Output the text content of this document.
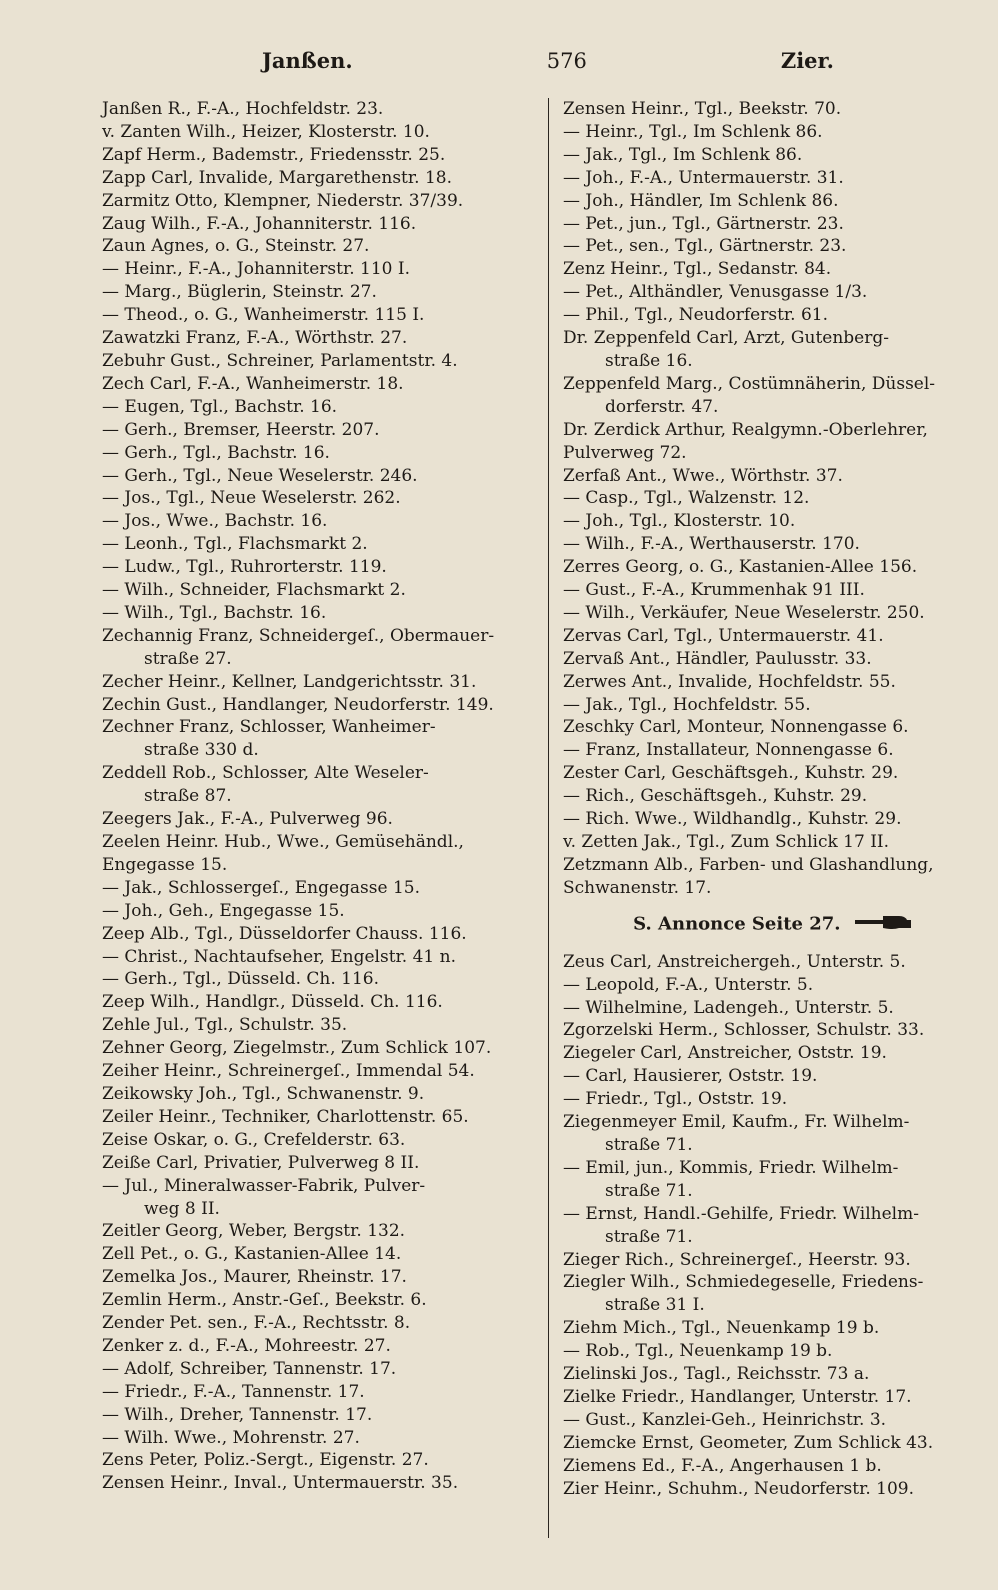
Janßen.	576	Zier.
Janßen R., F.-A., Hochfeldstr. 23.
v. Zanten Wilh., Heizer, Klosterstr. 10.
Zapf Herm., Bademstr., Friedensstr. 25.
Zapp Carl, Invalide, Margarethenstr. 18.
Zarmitz Otto, Klempner, Niederstr. 37/39.
Zaug Wilh., F.-A., Johanniterstr. 116.
Zaun Agnes, o. G., Steinstr. 27.
— Heinr., F.-A., Johanniterstr. 110 I.
— Marg., Büglerin, Steinstr. 27.
— Theod., o. G., Wanheimerstr. 115 I.
Zawatzki Franz, F.-A., Wörthstr. 27.
Zebuhr Gust., Schreiner, Parlamentstr. 4.
Zech Carl, F.-A., Wanheimerstr. 18.
— Eugen, Tgl., Bachstr. 16.
— Gerh., Bremser, Heerstr. 207.
— Gerh., Tgl., Bachstr. 16.
— Gerh., Tgl., Neue Weselerstr. 246.
— Jos., Tgl., Neue Weselerstr. 262.
— Jos., Wwe., Bachstr. 16.
— Leonh., Tgl., Flachsmarkt 2.
— Ludw., Tgl., Ruhrorterstr. 119.
— Wilh., Schneider, Flachsmarkt 2.
— Wilh., Tgl., Bachstr. 16.
Zechannig Franz, Schneidergeſ., Obermauer-
straße 27.
Zecher Heinr., Kellner, Landgerichtsstr. 31.
Zechin Gust., Handlanger, Neudorferstr. 149.
Zechner Franz, Schlosser, Wanheimer-
straße 330 d.
Zeddell Rob., Schlosser, Alte Weseler-
straße 87.
Zeegers Jak., F.-A., Pulverweg 96.
Zeelen Heinr. Hub., Wwe., Gemüsehändl.,
Engegasse 15.
— Jak., Schlossergeſ., Engegasse 15.
— Joh., Geh., Engegasse 15.
Zeep Alb., Tgl., Düsseldorfer Chauss. 116.
— Christ., Nachtaufseher, Engelstr. 41 n.
— Gerh., Tgl., Düsseld. Ch. 116.
Zeep Wilh., Handlgr., Düsseld. Ch. 116.
Zehle Jul., Tgl., Schulstr. 35.
Zehner Georg, Ziegelmstr., Zum Schlick 107.
Zeiher Heinr., Schreinergeſ., Immendal 54.
Zeikowsky Joh., Tgl., Schwanenstr. 9.
Zeiler Heinr., Techniker, Charlottenstr. 65.
Zeise Oskar, o. G., Crefelderstr. 63.
Zeiße Carl, Privatier, Pulverweg 8 II.
— Jul., Mineralwasser-Fabrik, Pulver-
weg 8 II.
Zeitler Georg, Weber, Bergstr. 132.
Zell Pet., o. G., Kastanien-Allee 14.
Zemelka Jos., Maurer, Rheinstr. 17.
Zemlin Herm., Anstr.-Geſ., Beekstr. 6.
Zender Pet. sen., F.-A., Rechtsstr. 8.
Zenker z. d., F.-A., Mohreestr. 27.
— Adolf, Schreiber, Tannenstr. 17.
— Friedr., F.-A., Tannenstr. 17.
— Wilh., Dreher, Tannenstr. 17.
— Wilh. Wwe., Mohrenstr. 27.
Zens Peter, Poliz.-Sergt., Eigenstr. 27.
Zensen Heinr., Inval., Untermauerstr. 35.
Zensen Heinr., Tgl., Beekstr. 70.
— Heinr., Tgl., Im Schlenk 86.
— Jak., Tgl., Im Schlenk 86.
— Joh., F.-A., Untermauerstr. 31.
— Joh., Händler, Im Schlenk 86.
— Pet., jun., Tgl., Gärtnerstr. 23.
— Pet., sen., Tgl., Gärtnerstr. 23.
Zenz Heinr., Tgl., Sedanstr. 84.
— Pet., Althändler, Venusgasse 1/3.
— Phil., Tgl., Neudorferstr. 61.
Dr. Zeppenfeld Carl, Arzt, Gutenberg-
straße 16.
Zeppenfeld Marg., Costümnäherin, Düssel-
dorferstr. 47.
Dr. Zerdick Arthur, Realgymn.-Oberlehrer,
Pulverweg 72.
Zerfaß Ant., Wwe., Wörthstr. 37.
— Casp., Tgl., Walzenstr. 12.
— Joh., Tgl., Klosterstr. 10.
— Wilh., F.-A., Werthauserstr. 170.
Zerres Georg, o. G., Kastanien-Allee 156.
— Gust., F.-A., Krummenhak 91 III.
— Wilh., Verkäufer, Neue Weselerstr. 250.
Zervas Carl, Tgl., Untermauerstr. 41.
Zervaß Ant., Händler, Paulusstr. 33.
Zerwes Ant., Invalide, Hochfeldstr. 55.
— Jak., Tgl., Hochfeldstr. 55.
Zeschky Carl, Monteur, Nonnengasse 6.
— Franz, Installateur, Nonnengasse 6.
Zester Carl, Geschäftsgeh., Kuhstr. 29.
— Rich., Geschäftsgeh., Kuhstr. 29.
— Rich. Wwe., Wildhandlg., Kuhstr. 29.
v. Zetten Jak., Tgl., Zum Schlick 17 II.
Zetzmann Alb., Farben- und Glashandlung,
Schwanenstr. 17.
S. Annonce Seite 27.
Zeus Carl, Anstreichergeh., Unterstr. 5.
— Leopold, F.-A., Unterstr. 5.
— Wilhelmine, Ladengeh., Unterstr. 5.
Zgorzelski Herm., Schlosser, Schulstr. 33.
Ziegeler Carl, Anstreicher, Oststr. 19.
— Carl, Hausierer, Oststr. 19.
— Friedr., Tgl., Oststr. 19.
Ziegenmeyer Emil, Kaufm., Fr. Wilhelm-
straße 71.
— Emil, jun., Kommis, Friedr. Wilhelm-
straße 71.
— Ernst, Handl.-Gehilfe, Friedr. Wilhelm-
straße 71.
Zieger Rich., Schreinergeſ., Heerstr. 93.
Ziegler Wilh., Schmiedegeselle, Friedens-
straße 31 I.
Ziehm Mich., Tgl., Neuenkamp 19 b.
— Rob., Tgl., Neuenkamp 19 b.
Zielinski Jos., Tagl., Reichsstr. 73 a.
Zielke Friedr., Handlanger, Unterstr. 17.
— Gust., Kanzlei-Geh., Heinrichstr. 3.
Ziemcke Ernst, Geometer, Zum Schlick 43.
Ziemens Ed., F.-A., Angerhausen 1 b.
Zier Heinr., Schuhm., Neudorferstr. 109.
